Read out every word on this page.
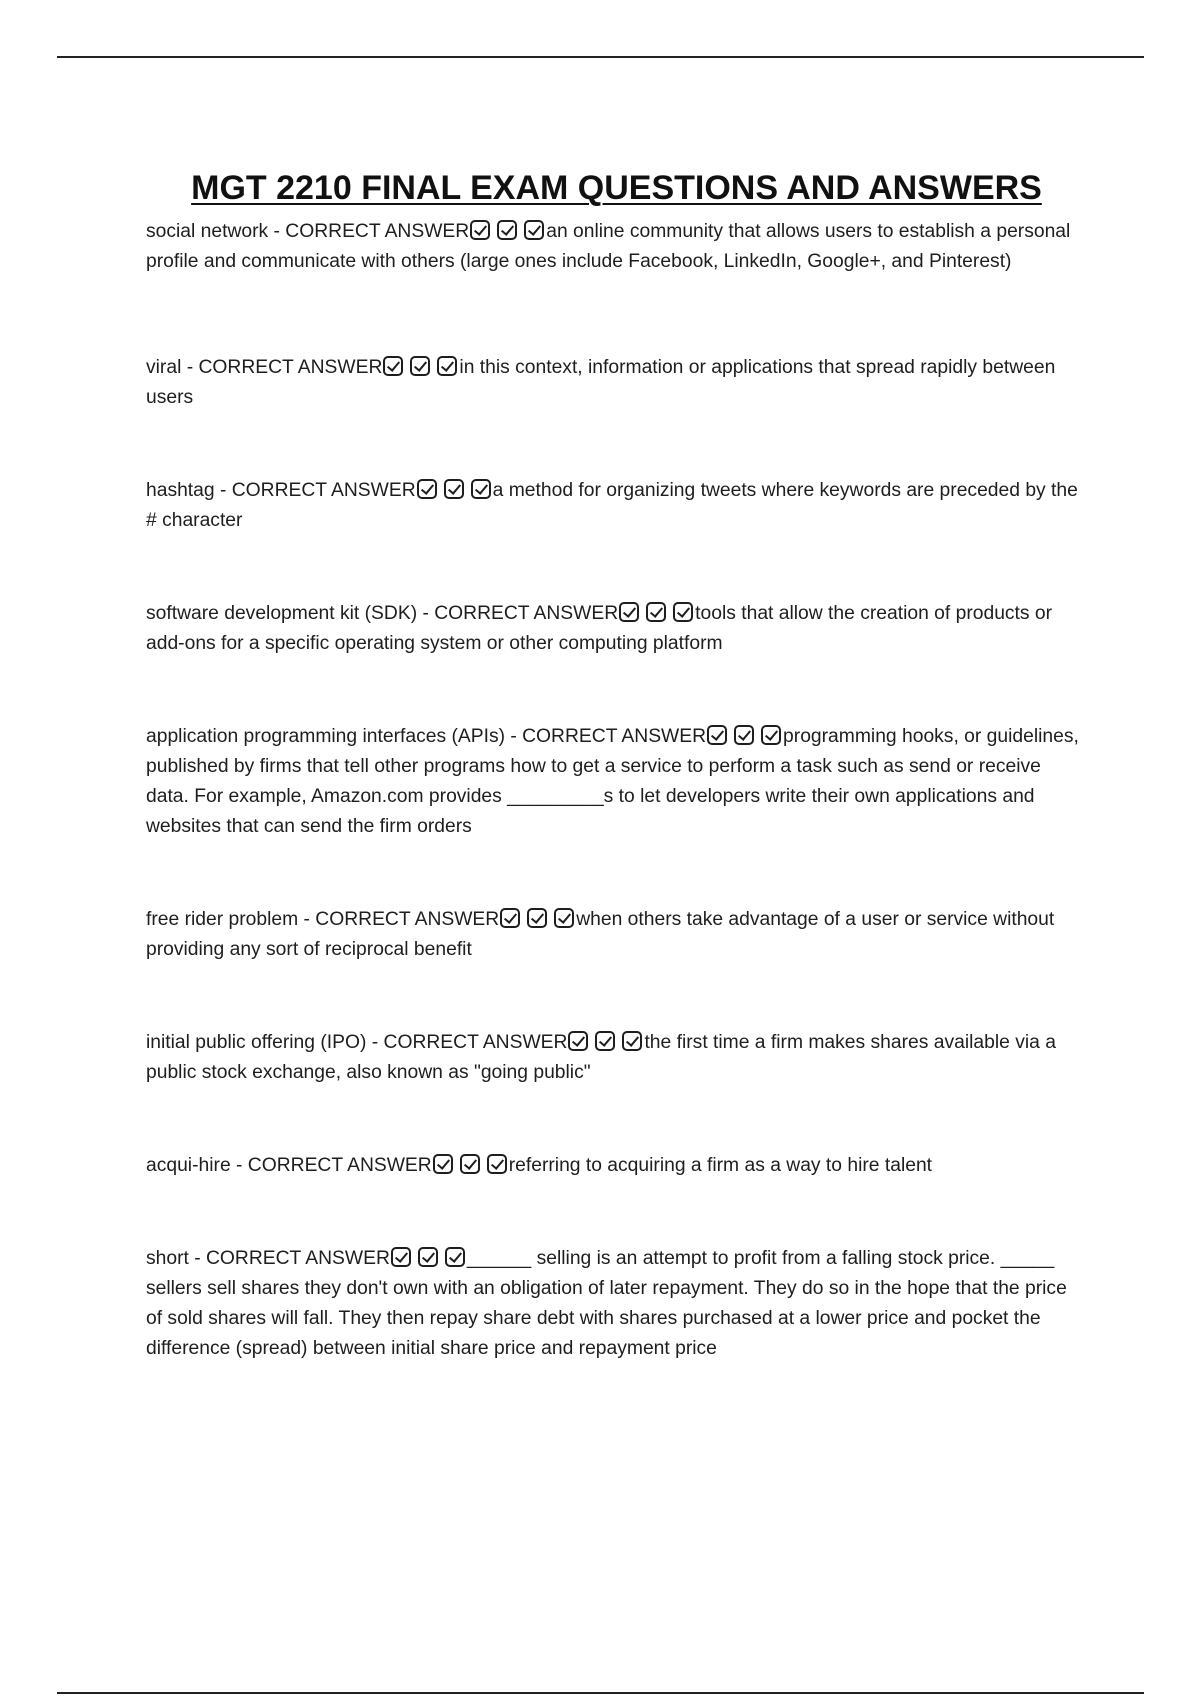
MGT 2210 FINAL EXAM QUESTIONS AND ANSWERS

social network - CORRECT ANSWER	an online community that allows users to establish a personal profile and communicate with others (large ones include Facebook, LinkedIn, Google+, and Pinterest)

viral - CORRECT ANSWER	in this context, information or applications that spread rapidly between users

hashtag - CORRECT ANSWER	a method for organizing tweets where keywords are preceded by the # character

software development kit (SDK) - CORRECT ANSWER	tools that allow the creation of products or add-ons for a specific operating system or other computing platform

application programming interfaces (APIs) - CORRECT ANSWER	programming hooks, or guidelines, published by firms that tell other programs how to get a service to perform a task such as send or receive data. For example, Amazon.com provides _________s to let developers write their own applications and websites that can send the firm orders

free rider problem - CORRECT ANSWER	when others take advantage of a user or service without providing any sort of reciprocal benefit

initial public offering (IPO) - CORRECT ANSWER	the first time a firm makes shares available via a public stock exchange, also known as "going public"

acqui-hire - CORRECT ANSWER	referring to acquiring a firm as a way to hire talent

short - CORRECT ANSWER	______ selling is an attempt to profit from a falling stock price. _____ sellers sell shares they don't own with an obligation of later repayment. They do so in the hope that the price of sold shares will fall. They then repay share debt with shares purchased at a lower price and pocket the difference (spread) between initial share price and repayment price
